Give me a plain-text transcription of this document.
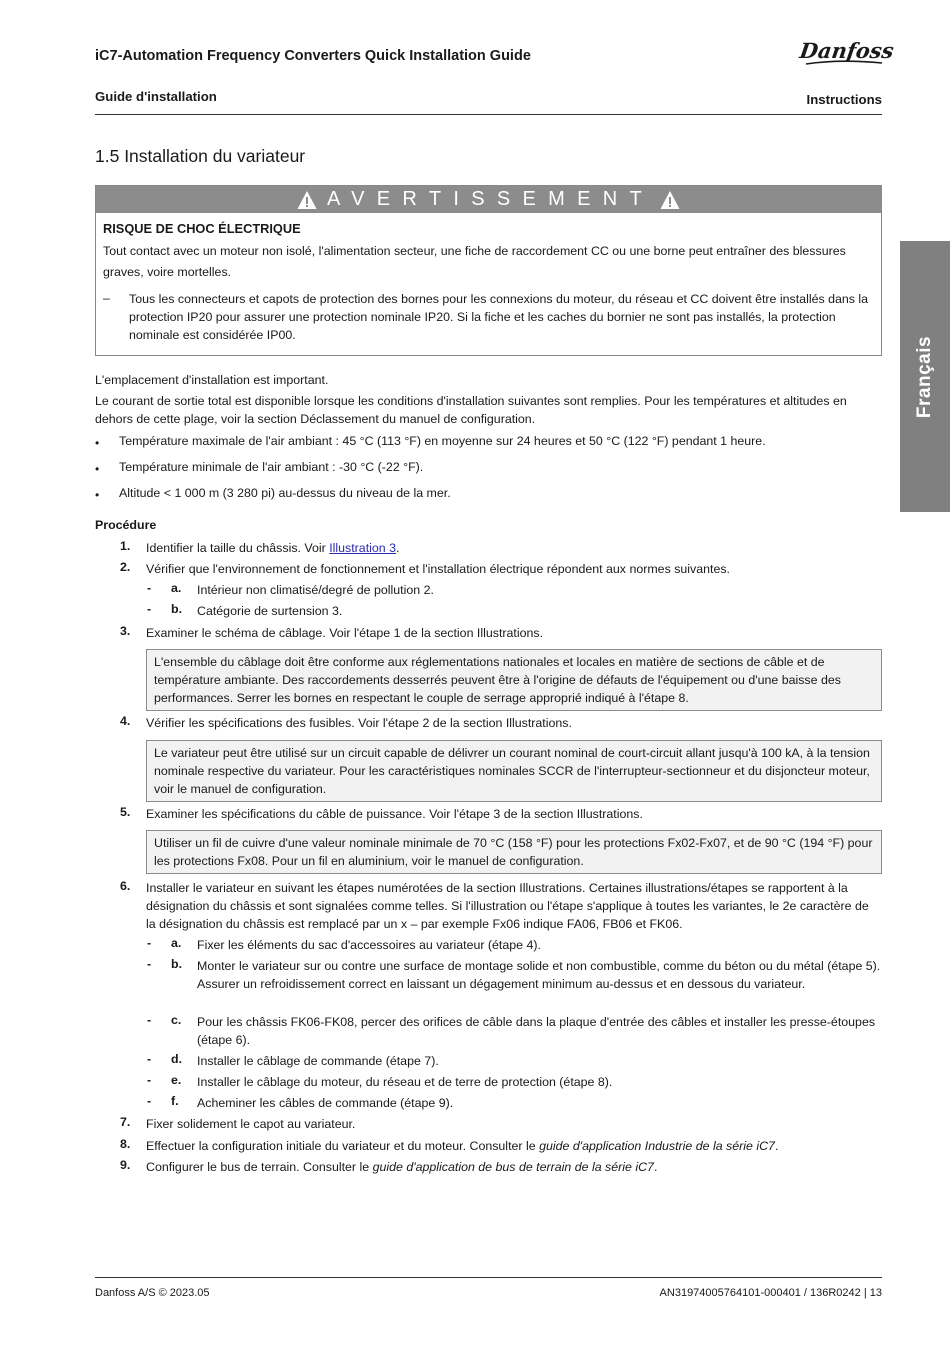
iC7-Automation Frequency Converters Quick Installation Guide	Danfoss
Guide d'installation	Instructions
Français
1.5 Installation du variateur
AVERTISSEMENT
RISQUE DE CHOC ÉLECTRIQUE
Tout contact avec un moteur non isolé, l'alimentation secteur, une fiche de raccordement CC ou une borne peut entraîner des blessures graves, voire mortelles.
– Tous les connecteurs et capots de protection des bornes pour les connexions du moteur, du réseau et CC doivent être installés dans la protection IP20 pour assurer une protection nominale IP20. Si la fiche et les caches du bornier ne sont pas installés, la protection nominale est considérée IP00.
L'emplacement d'installation est important.
Le courant de sortie total est disponible lorsque les conditions d'installation suivantes sont remplies. Pour les températures et altitudes en dehors de cette plage, voir la section Déclassement du manuel de configuration.
• Température maximale de l'air ambiant : 45 °C (113 °F) en moyenne sur 24 heures et 50 °C (122 °F) pendant 1 heure.
• Température minimale de l'air ambiant : -30 °C (-22 °F).
• Altitude < 1 000 m (3 280 pi) au-dessus du niveau de la mer.
Procédure
1. Identifier la taille du châssis. Voir Illustration 3.
2. Vérifier que l'environnement de fonctionnement et l'installation électrique répondent aux normes suivantes.
- a. Intérieur non climatisé/degré de pollution 2.
- b. Catégorie de surtension 3.
3. Examiner le schéma de câblage. Voir l'étape 1 de la section Illustrations.
L'ensemble du câblage doit être conforme aux réglementations nationales et locales en matière de sections de câble et de température ambiante. Des raccordements desserrés peuvent être à l'origine de défauts de l'équipement ou d'une baisse des performances. Serrer les bornes en respectant le couple de serrage approprié indiqué à l'étape 8.
4. Vérifier les spécifications des fusibles. Voir l'étape 2 de la section Illustrations.
Le variateur peut être utilisé sur un circuit capable de délivrer un courant nominal de court-circuit allant jusqu'à 100 kA, à la tension nominale respective du variateur. Pour les caractéristiques nominales SCCR de l'interrupteur-sectionneur et du disjoncteur moteur, voir le manuel de configuration.
5. Examiner les spécifications du câble de puissance. Voir l'étape 3 de la section Illustrations.
Utiliser un fil de cuivre d'une valeur nominale minimale de 70 °C (158 °F) pour les protections Fx02-Fx07, et de 90 °C (194 °F) pour les protections Fx08. Pour un fil en aluminium, voir le manuel de configuration.
6. Installer le variateur en suivant les étapes numérotées de la section Illustrations. Certaines illustrations/étapes se rapportent à la désignation du châssis et sont signalées comme telles. Si l'illustration ou l'étape s'applique à toutes les variantes, le 2e caractère de la désignation du châssis est remplacé par un x – par exemple Fx06 indique FA06, FB06 et FK06.
- a. Fixer les éléments du sac d'accessoires au variateur (étape 4).
- b. Monter le variateur sur ou contre une surface de montage solide et non combustible, comme du béton ou du métal (étape 5). Assurer un refroidissement correct en laissant un dégagement minimum au-dessus et en dessous du variateur.
- c. Pour les châssis FK06-FK08, percer des orifices de câble dans la plaque d'entrée des câbles et installer les presse-étoupes (étape 6).
- d. Installer le câblage de commande (étape 7).
- e. Installer le câblage du moteur, du réseau et de terre de protection (étape 8).
- f. Acheminer les câbles de commande (étape 9).
7. Fixer solidement le capot au variateur.
8. Effectuer la configuration initiale du variateur et du moteur. Consulter le guide d'application Industrie de la série iC7.
9. Configurer le bus de terrain. Consulter le guide d'application de bus de terrain de la série iC7.
Danfoss A/S © 2023.05	AN31974005764101-000401 / 136R0242 | 13
